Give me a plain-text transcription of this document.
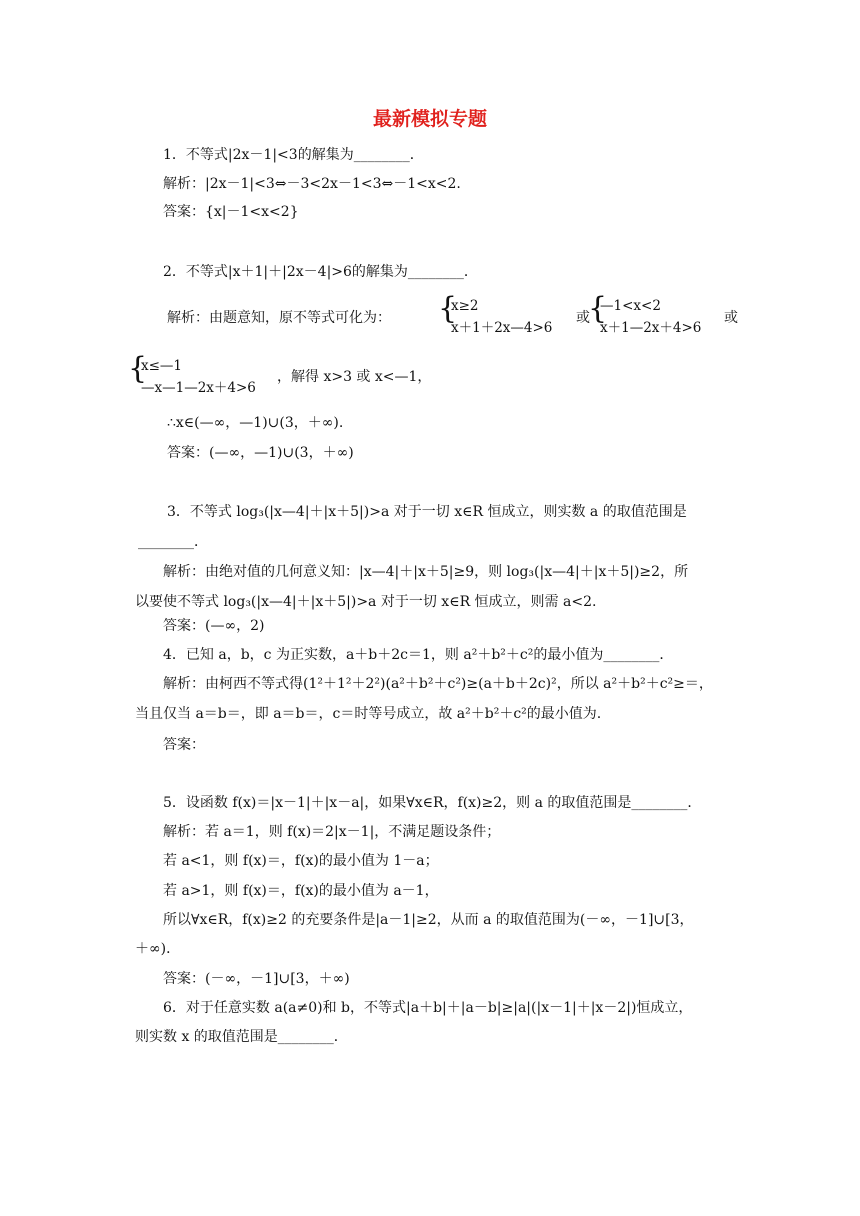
最新模拟专题
1．不等式|2x－1|<3的解集为________．
解析：|2x－1|<3⇔－3<2x－1<3⇔－1<x<2.
答案：{x|－1<x<2}
2．不等式|x＋1|＋|2x－4|>6的解集为________．
解析：由题意知，原不等式可化为： {
x≥2
x＋1＋2x—4>6
或
{
—1<x<2
x＋1—2x＋4>6
或
{
x≤—1
—x—1—2x＋4>6
，解得 x>3 或 x<—1，
∴x∈(—∞，—1)∪(3，＋∞).
答案：(—∞，—1)∪(3，＋∞)
3．不等式 log₃(|x—4|＋|x＋5|)>a 对于一切 x∈R 恒成立，则实数 a 的取值范围是
________．
解析：由绝对值的几何意义知：|x—4|＋|x＋5|≥9，则 log₃(|x—4|＋|x＋5|)≥2，所
以要使不等式 log₃(|x—4|＋|x＋5|)>a 对于一切 x∈R 恒成立，则需 a<2.
答案：(—∞，2)
4．已知 a，b，c 为正实数，a＋b＋2c＝1，则 a²＋b²＋c²的最小值为________．
解析：由柯西不等式得(1²＋1²＋2²)(a²＋b²＋c²)≥(a＋b＋2c)²，所以 a²＋b²＋c²≥＝，
当且仅当 a＝b＝，即 a＝b＝，c＝时等号成立，故 a²＋b²＋c²的最小值为.
答案：
5．设函数 f(x)＝|x－1|＋|x－a|，如果∀x∈R，f(x)≥2，则 a 的取值范围是________．
解析：若 a＝1，则 f(x)＝2|x－1|，不满足题设条件；
若 a<1，则 f(x)＝，f(x)的最小值为 1－a；
若 a>1，则 f(x)＝，f(x)的最小值为 a－1，
所以∀x∈R，f(x)≥2 的充要条件是|a－1|≥2，从而 a 的取值范围为(－∞，－1]∪[3，
＋∞)．
答案：(－∞，－1]∪[3，＋∞)
6．对于任意实数 a(a≠0)和 b，不等式|a＋b|＋|a－b|≥|a|(|x－1|＋|x－2|)恒成立，
则实数 x 的取值范围是________．
